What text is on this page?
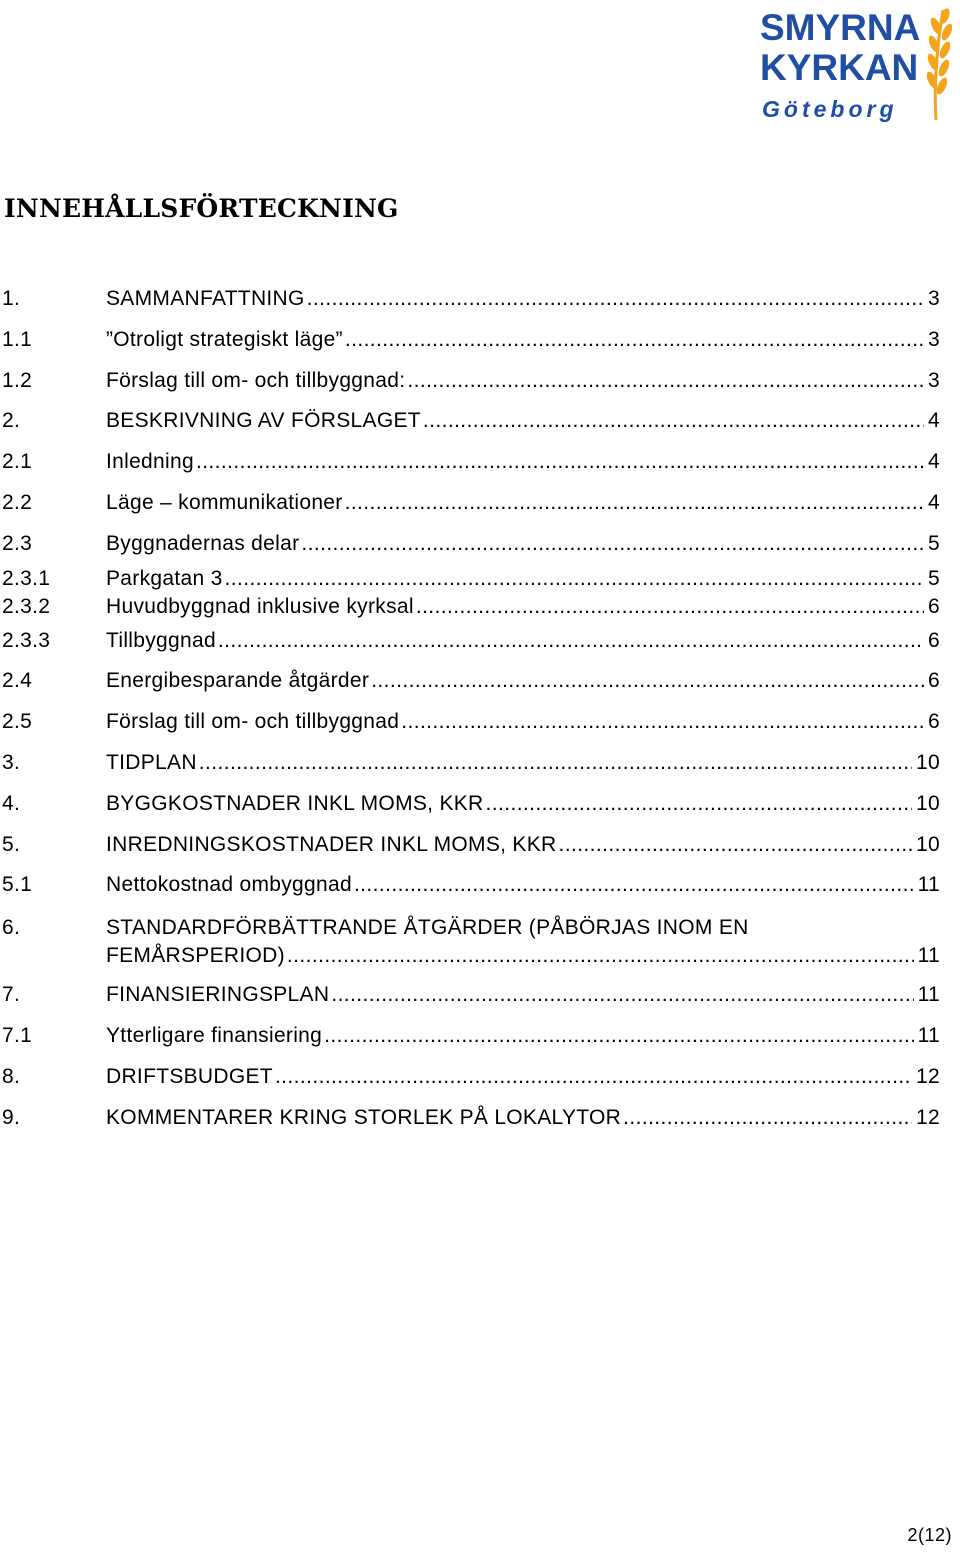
SMYRNA
KYRKAN
Göteborg
INNEHÅLLSFÖRTECKNING
1.	SAMMANFATTNING .....	3
1.1	”Otroligt strategiskt läge” .....	3
1.2	Förslag till om- och tillbyggnad: .....	3
2.	BESKRIVNING AV FÖRSLAGET .....	4
2.1	Inledning .....	4
2.2	Läge – kommunikationer .....	4
2.3	Byggnadernas delar .....	5
2.3.1	Parkgatan 3 .....	5
2.3.2	Huvudbyggnad inklusive kyrksal .....	6
2.3.3	Tillbyggnad .....	6
2.4	Energibesparande åtgärder .....	6
2.5	Förslag till om- och tillbyggnad .....	6
3.	TIDPLAN .....	10
4.	BYGGKOSTNADER INKL MOMS, KKR .....	10
5.	INREDNINGSKOSTNADER INKL MOMS, KKR .....	10
5.1	Nettokostnad ombyggnad .....	11
6.	STANDARDFÖRBÄTTRANDE ÅTGÄRDER (PÅBÖRJAS INOM EN
FEMÅRSPERIOD) .....	11
7.	FINANSIERINGSPLAN .....	11
7.1	Ytterligare finansiering .....	11
8.	DRIFTSBUDGET .....	12
9.	KOMMENTARER KRING STORLEK PÅ LOKALYTOR .....	12
2(12)
